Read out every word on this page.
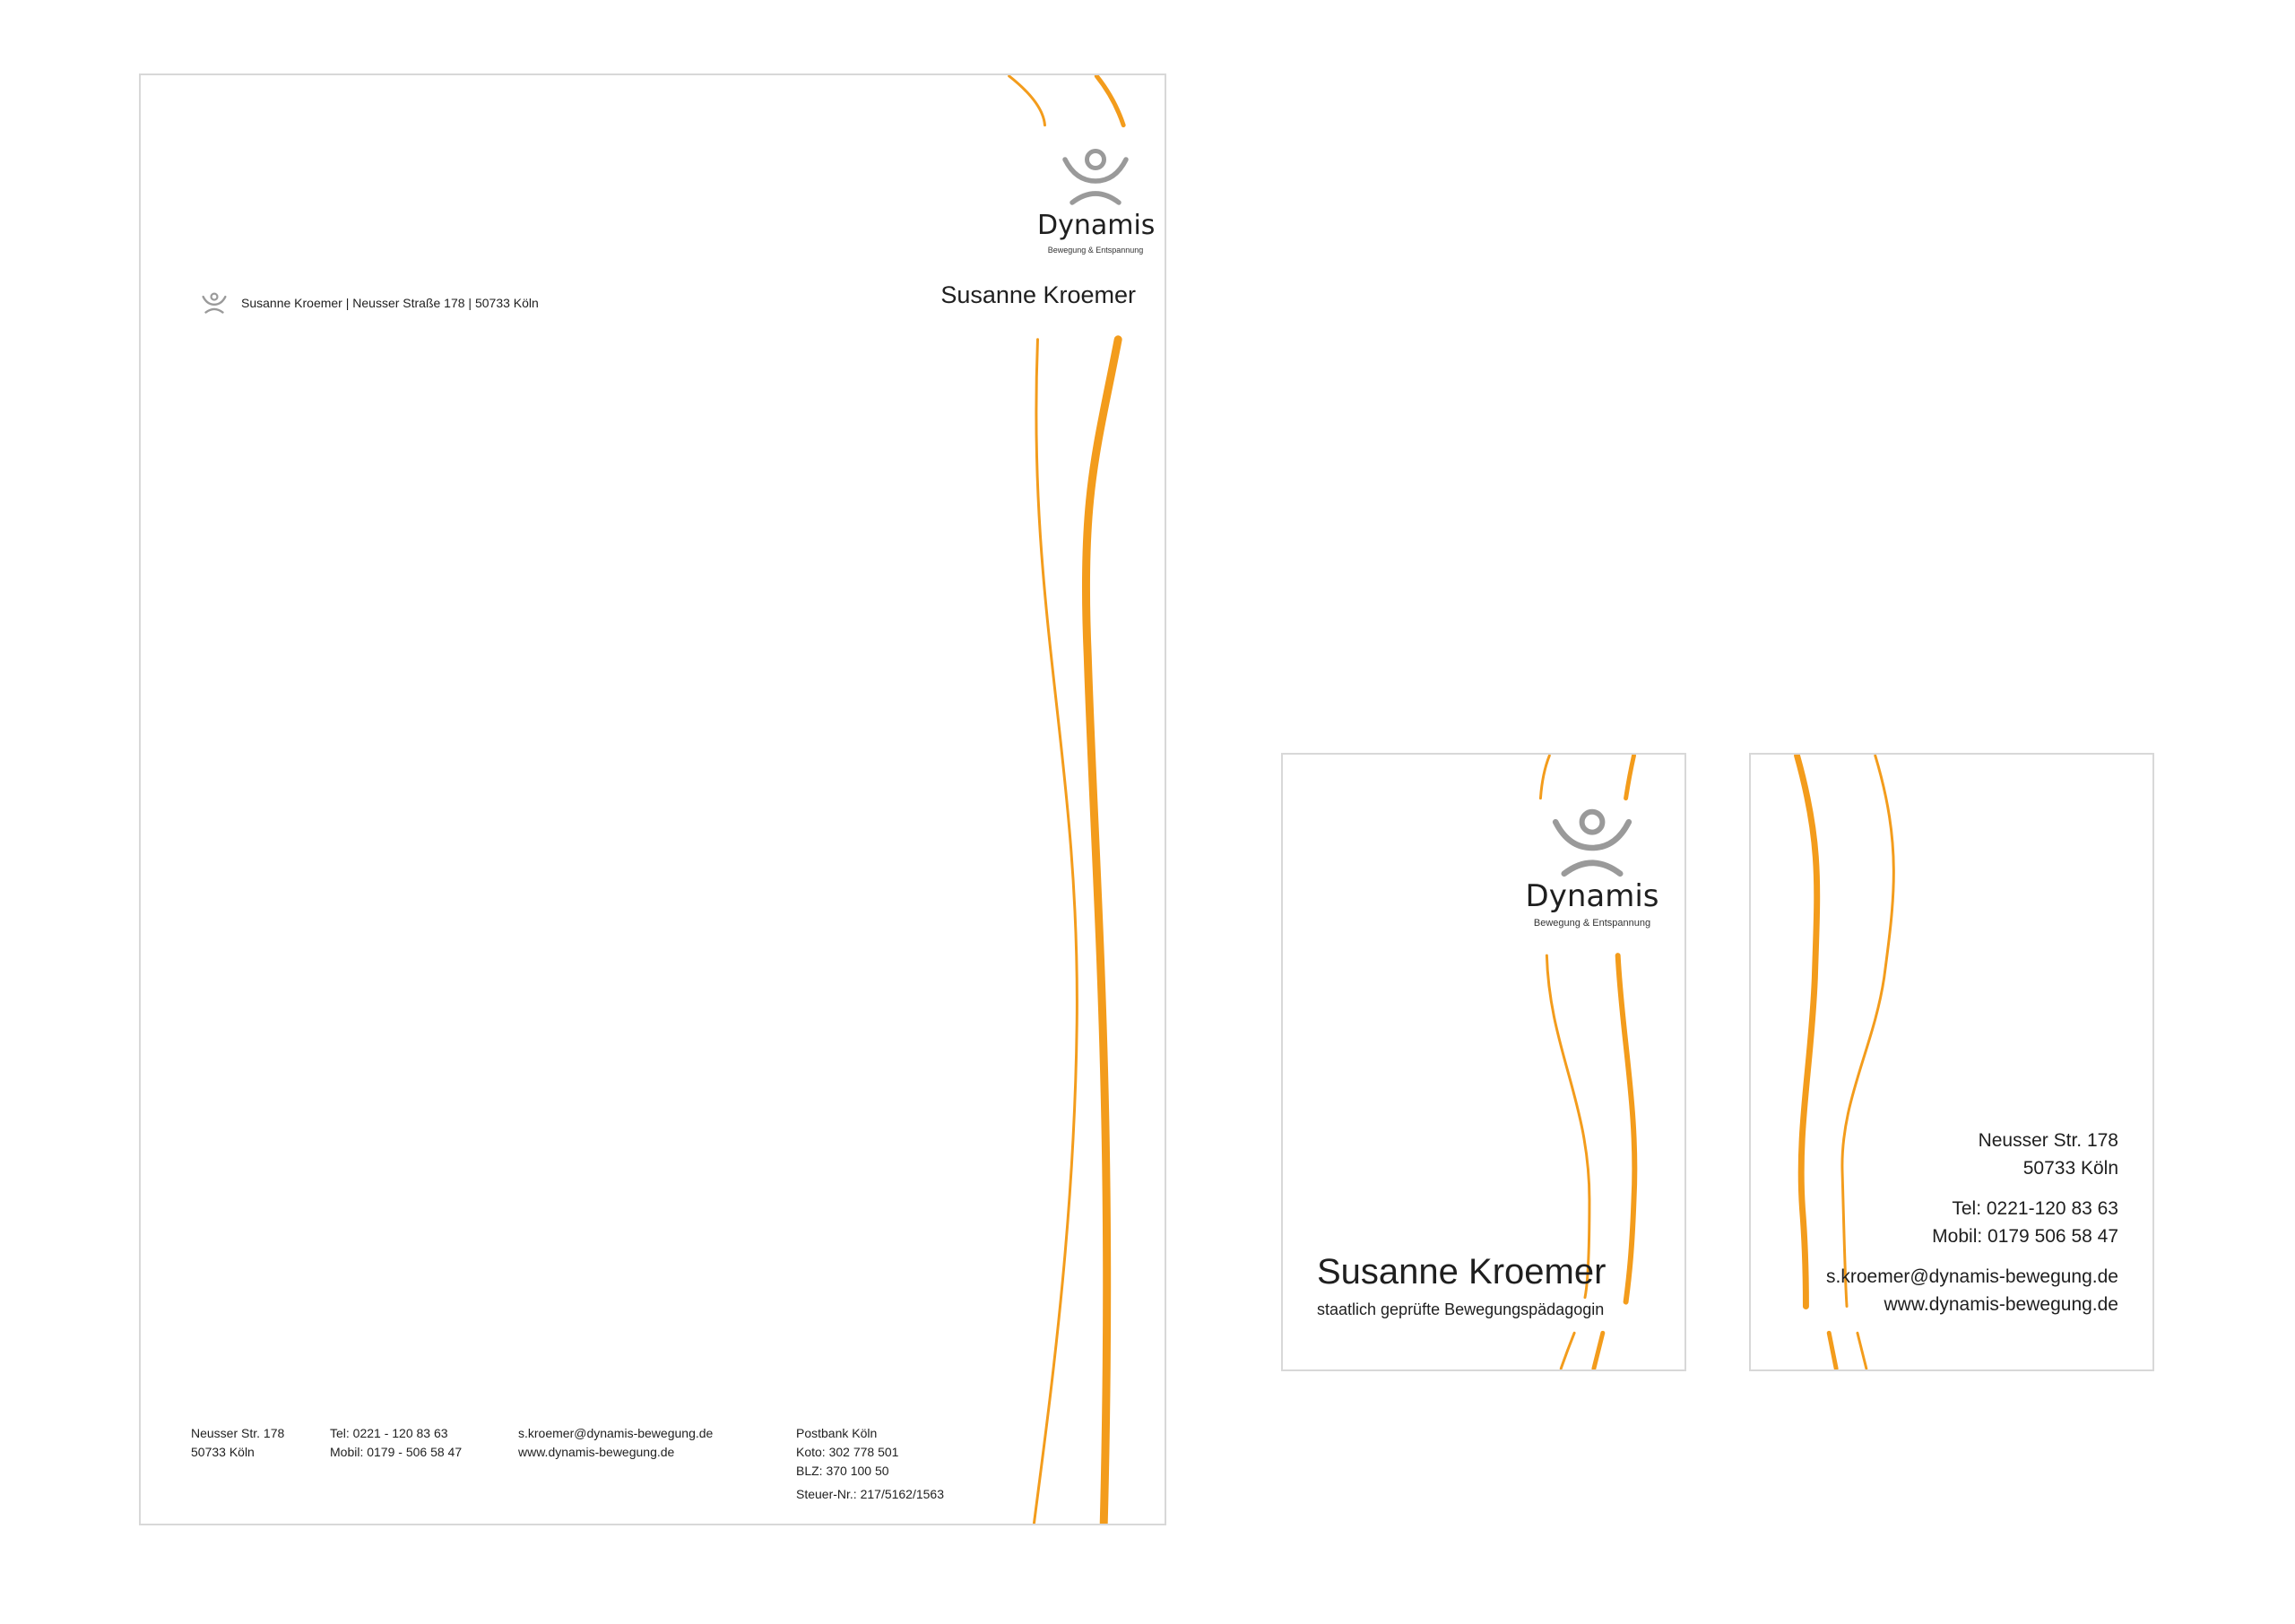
Dynamis
Bewegung & Entspannung
Susanne Kroemer
Susanne Kroemer | Neusser Straße 178 | 50733 Köln
Neusser Str. 178
50733 Köln
Tel: 0221 - 120 83 63
Mobil: 0179 - 506 58 47
s.kroemer@dynamis-bewegung.de
www.dynamis-bewegung.de
Postbank Köln
Koto: 302 778 501
BLZ: 370 100 50
Steuer-Nr.: 217/5162/1563
Dynamis
Bewegung & Entspannung
Susanne Kroemer
staatlich geprüfte Bewegungspädagogin
Neusser Str. 178
50733 Köln
Tel: 0221-120 83 63
Mobil: 0179 506 58 47
s.kroemer@dynamis-bewegung.de
www.dynamis-bewegung.de
